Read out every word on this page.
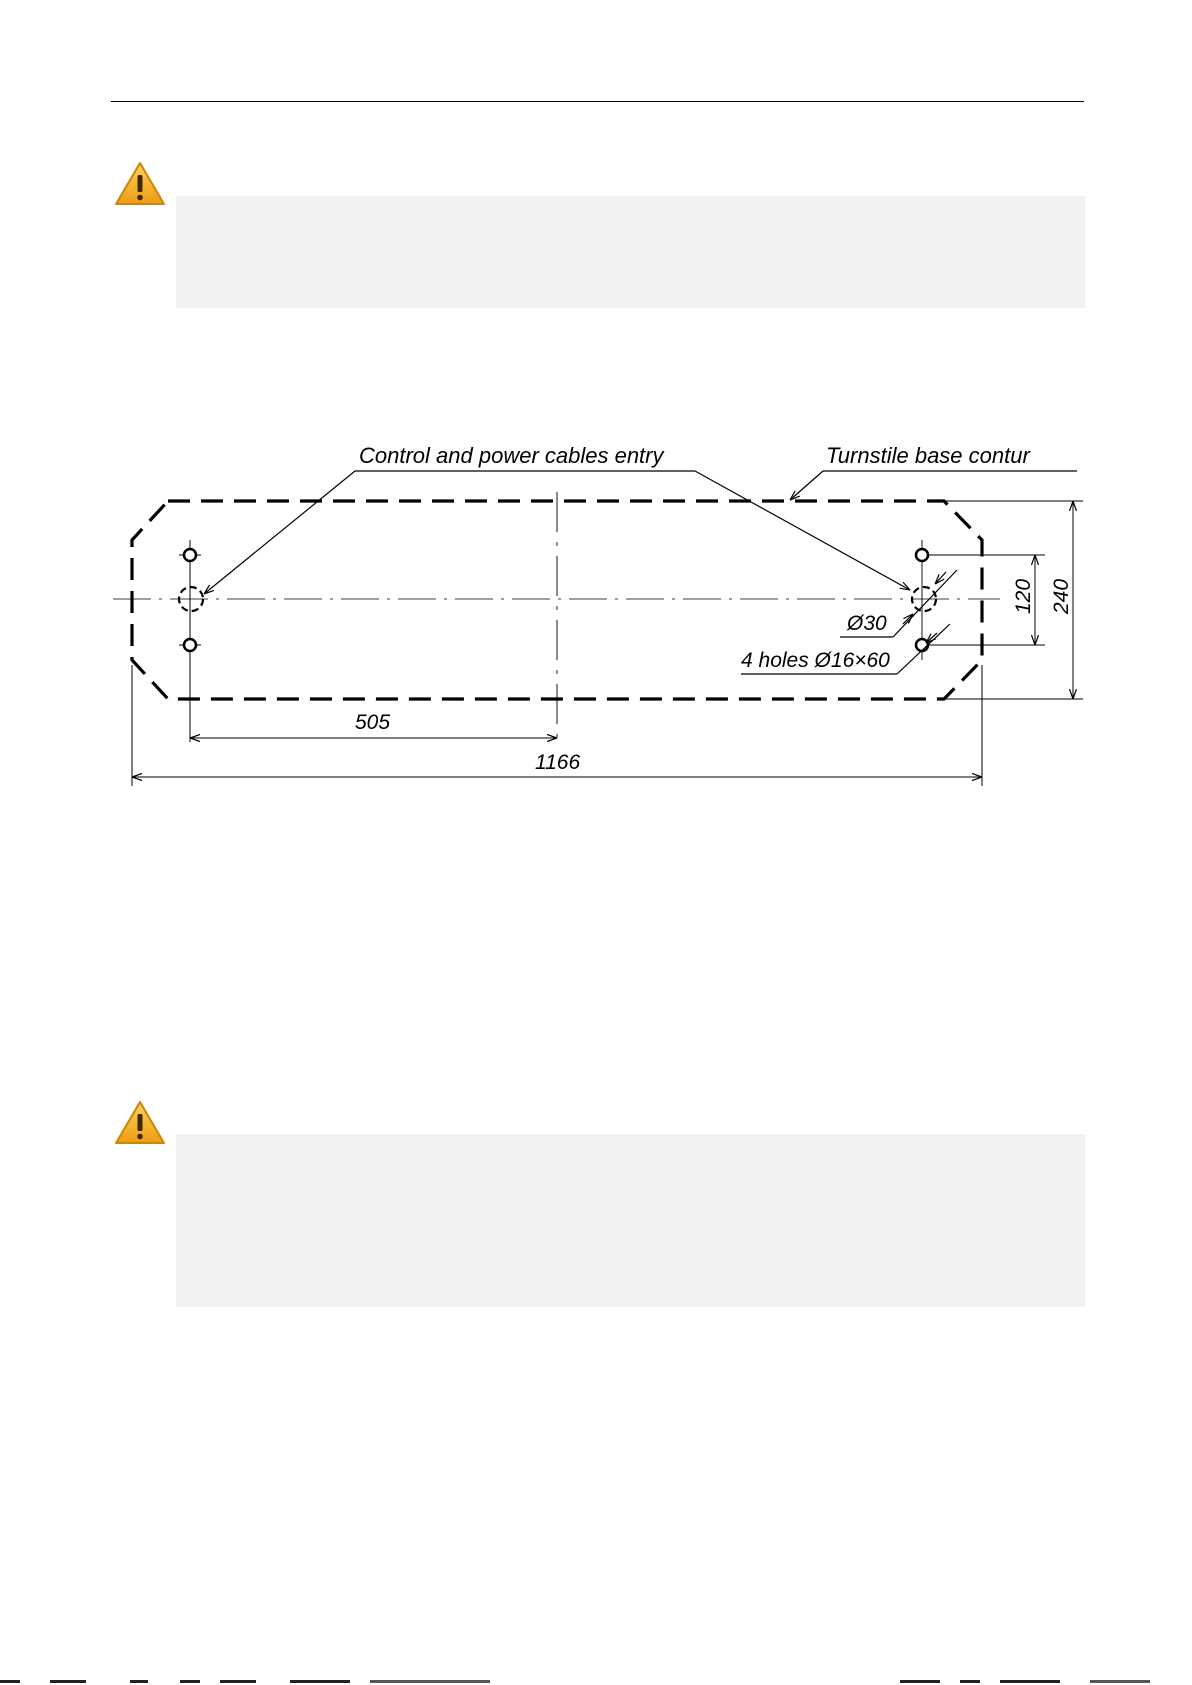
Control and power cables entry	Turnstile base contur
Ø30
4 holes Ø16×60
505
1166
120 240
